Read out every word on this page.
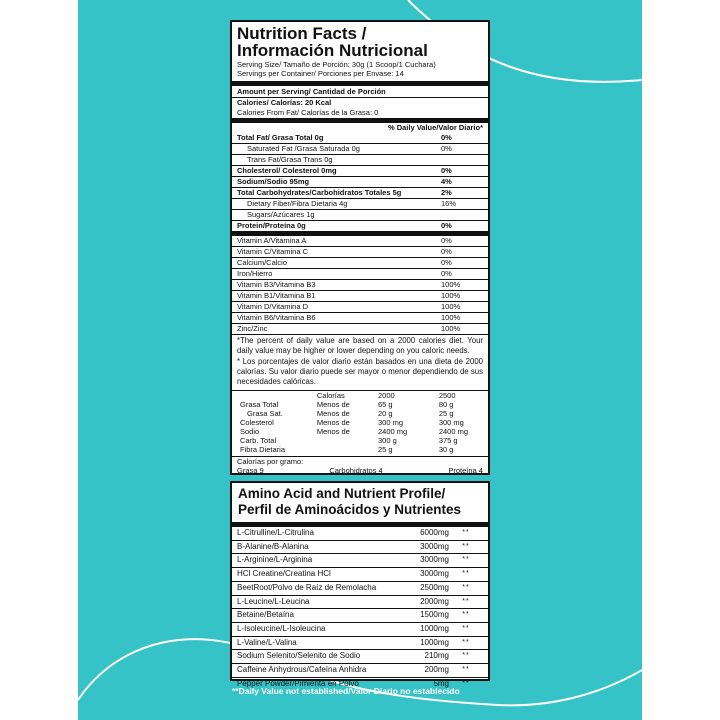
Nutrition Facts /
Información Nutricional
Serving Size/ Tamaño de Porción: 30g (1 Scoop/1 Cuchara)
Servings per Container/ Porciones per Envase: 14
Amount per Serving/ Cantidad de Porción
Calories/ Calorías: 20 Kcal
Calories From Fat/ Calorías de la Grasa: 0
% Daily Value/Valor Diario*
Total Fat/ Grasa Total 0g	0%
Saturated Fat /Grasa Saturada 0g	0%
Trans Fat/Grasa Trans 0g
Cholesterol/ Colesterol 0mg	0%
Sodium/Sodio 95mg	4%
Total Carbohydrates/Carbohidratos Totales 5g	2%
Dietary Fiber/Fibra Dietaria 4g	16%
Sugars/Azúcares 1g
Protein/Proteína 0g	0%
Vitamin A/Vitamina A	0%
Vitamin C/Vitamina C	0%
Calcium/Calcio	0%
Iron/Hierro	0%
Vitamin B3/Vitamina B3	100%
Vitamin B1/Vitamina B1	100%
Vitamin D/Vitamina D	100%
Vitamin B6/Vitamina B6	100%
Zinc/Zinc	100%
*The percent of daily value are based on a 2000 calories diet. Your daily value may be higher or lower depending on you caloric needs.
* Los porcentajes de valor diario están basados en una dieta de 2000 calorías. Su valor diario puede ser mayor o menor dependiendo de sus necesidades calóricas.
	Calorías	2000	2500
Grasa Total	Menos de	65 g	80 g
Grasa Sat.	Menos de	20 g	25 g
Colesterol	Menos de	300 mg	300 mg
Sodio	Menos de	2400 mg	2400 mg
Carb. Total		300 g	375 g
Fibra Dietaria		25 g	30 g
Calorías por gramo:
Grasa 9	Carbohidratos 4	Proteína 4
Amino Acid and Nutrient Profile/
Perfil de Aminoácidos y Nutrientes
L-Citrulline/L-Citrulina	6000mg	**
B-Alanine/B-Alanina	3000mg	**
L-Arginine/L-Arginina	3000mg	**
HCl Creatine/Creatina HCl	3000mg	**
BeetRoot/Polvo de Raíz de Remolacha	2500mg	**
L-Leucine/L-Leucina	2000mg	**
Betaine/Betaína	1500mg	**
L-Isoleucine/L-Isoleucina	1000mg	**
L-Valine/L-Valina	1000mg	**
Sodium Selenito/Selenito de Sodio	210mg	**
Caffeine Anhydrous/Cafeína Anhidra	200mg	**
Pepper Powder/Pimienta en Polvo	5mg	**
**Daily Value not established/Valor Diario no establecido
